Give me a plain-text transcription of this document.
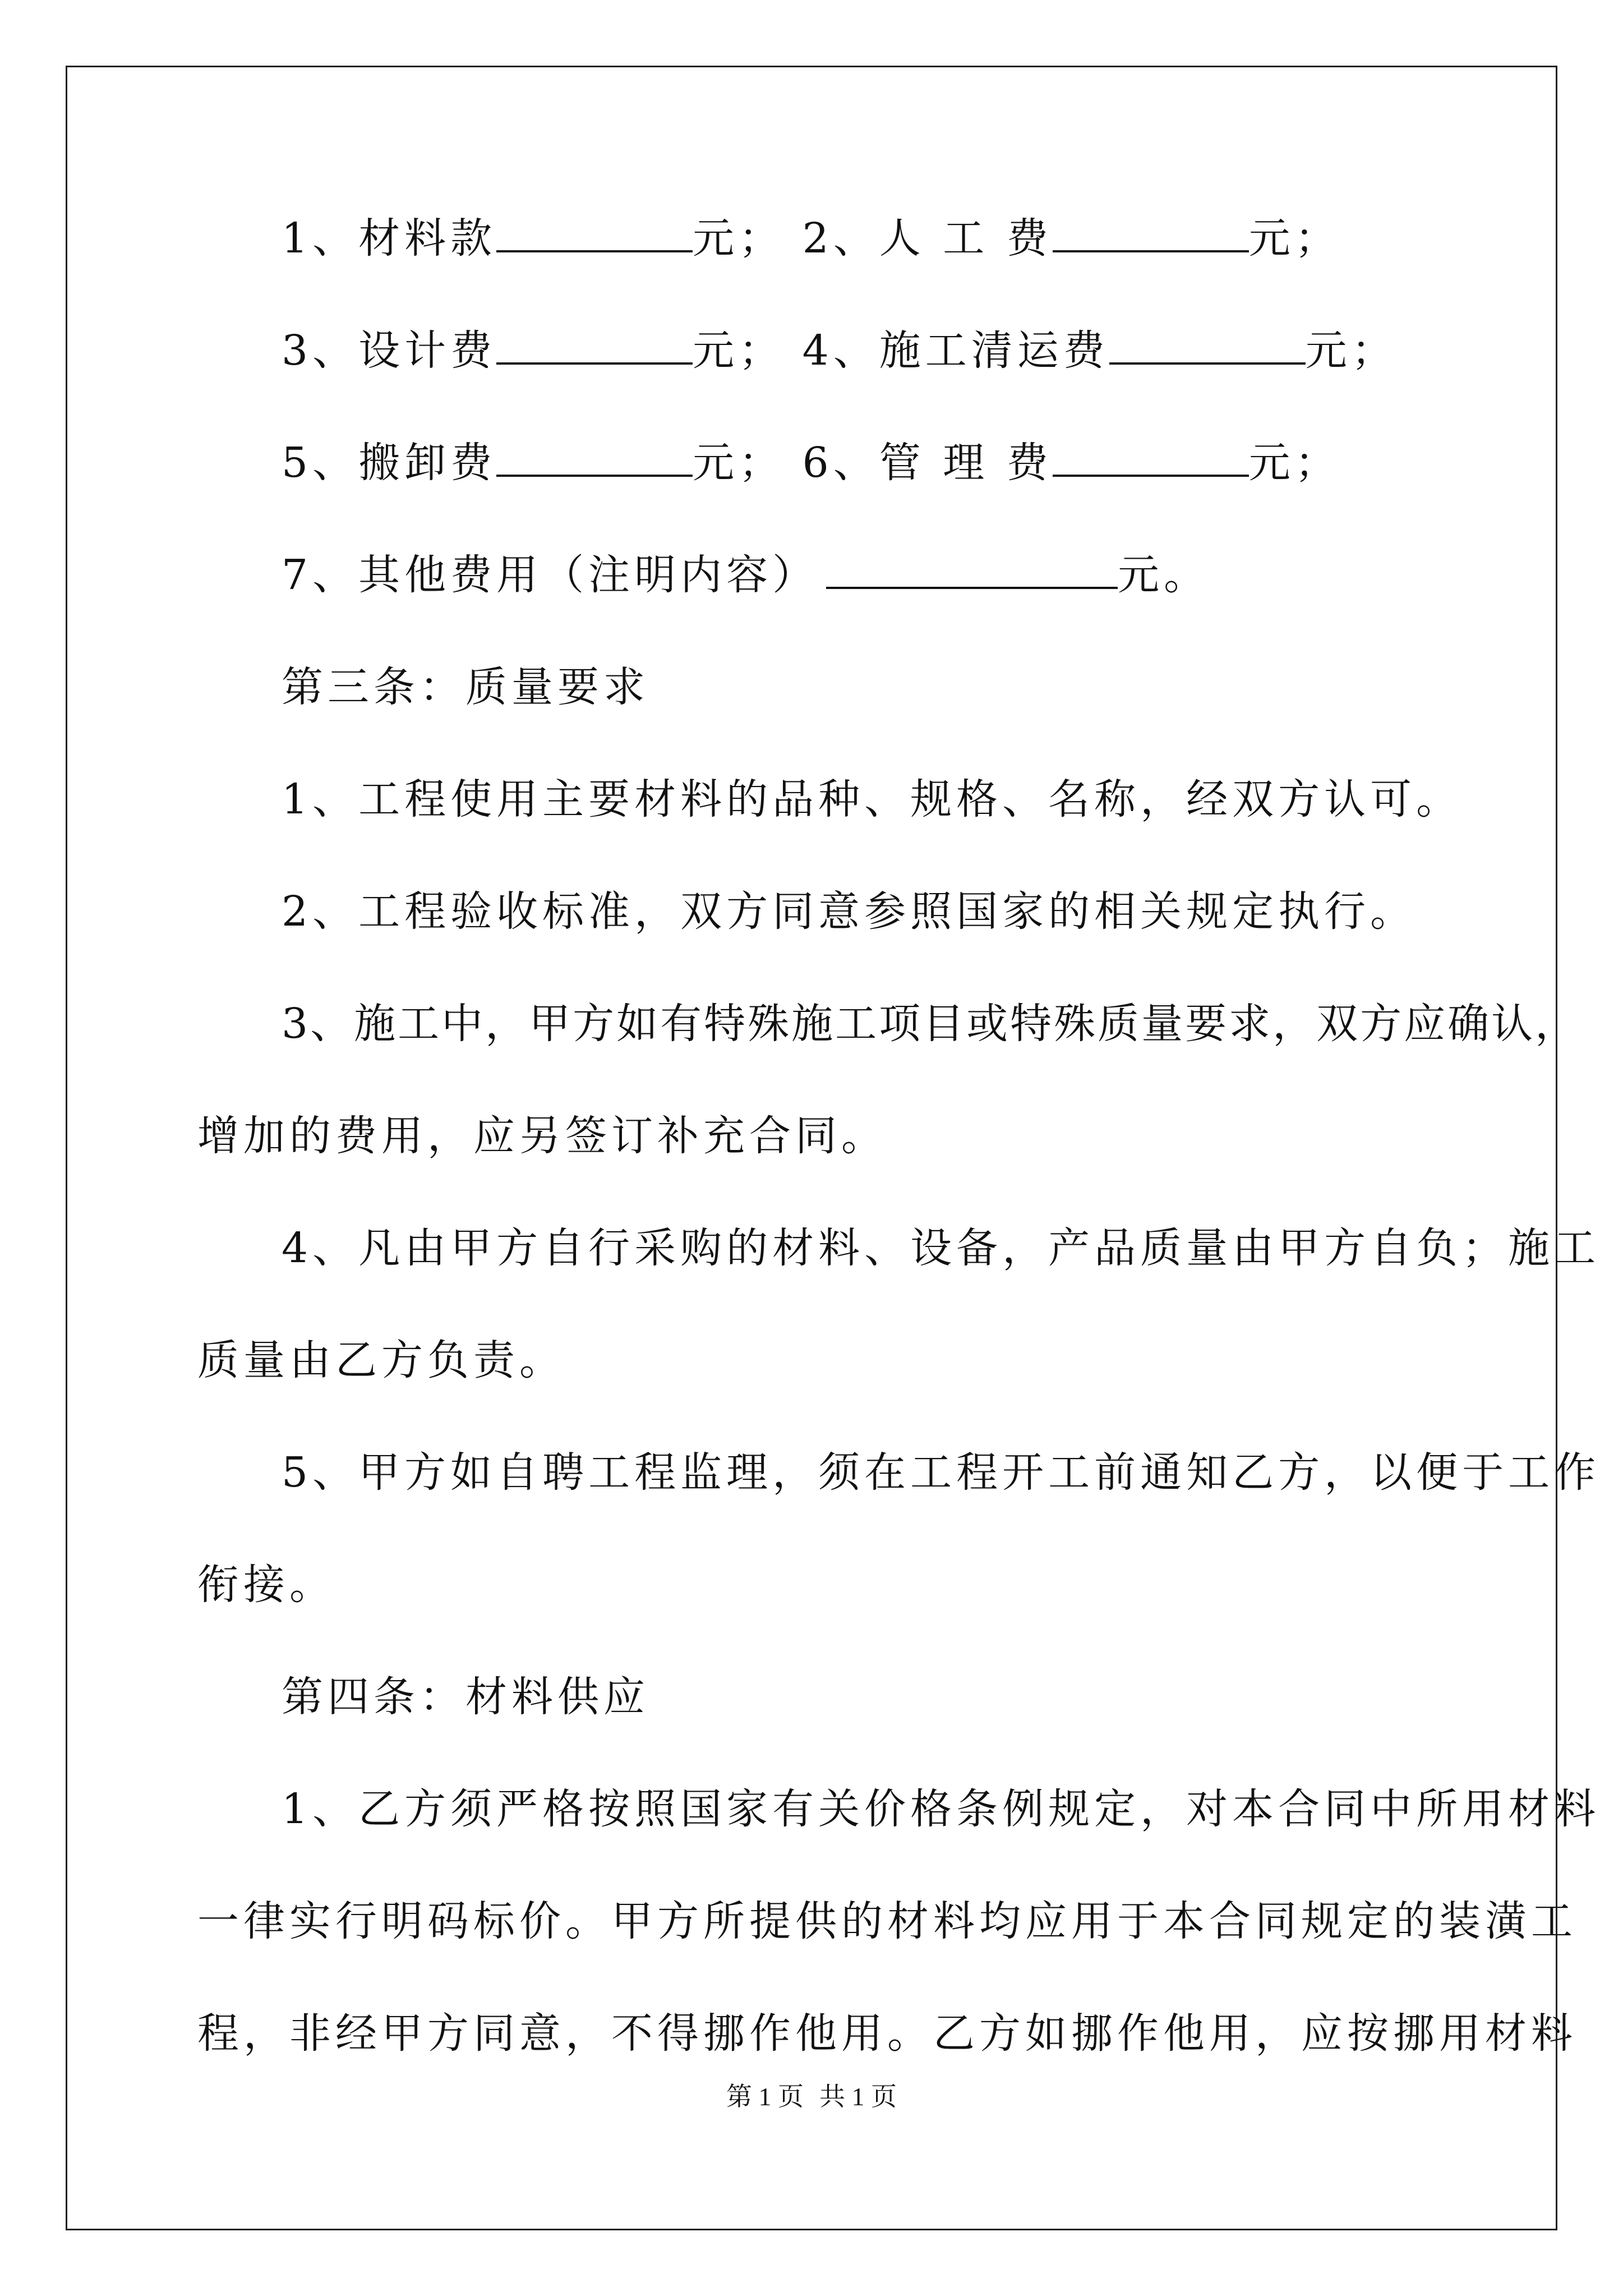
1、材料款	元； 2、人 工 费	元；
3、设计费	元； 4、施工清运费	元；
5、搬卸费	元； 6、管 理 费	元；
7、其他费用（注明内容）	元。
第三条：质量要求
1、工程使用主要材料的品种、规格、名称，经双方认可。
2、工程验收标准，双方同意参照国家的相关规定执行。
3、施工中，甲方如有特殊施工项目或特殊质量要求，双方应确认，
增加的费用，应另签订补充合同。
4、凡由甲方自行采购的材料、设备，产品质量由甲方自负；施工
质量由乙方负责。
5、甲方如自聘工程监理，须在工程开工前通知乙方，以便于工作
衔接。
第四条：材料供应
1、乙方须严格按照国家有关价格条例规定，对本合同中所用材料
一律实行明码标价。甲方所提供的材料均应用于本合同规定的装潢工
程，非经甲方同意，不得挪作他用。乙方如挪作他用，应按挪用材料
第 1 页 共 1 页
